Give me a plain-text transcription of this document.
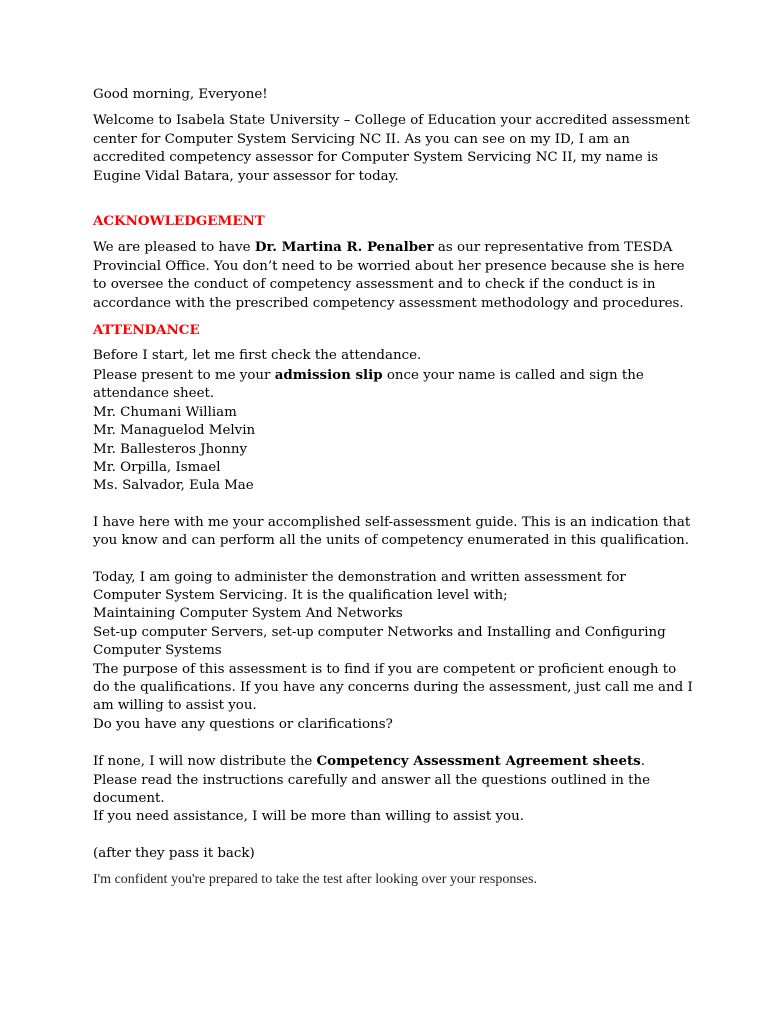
Good morning, Everyone!

Welcome to Isabela State University – College of Education your accredited assessment center for Computer System Servicing NC II. As you can see on my ID, I am an accredited competency assessor for Computer System Servicing NC II, my name is Eugine Vidal Batara, your assessor for today.

ACKNOWLEDGEMENT

We are pleased to have Dr. Martina R. Penalber as our representative from TESDA Provincial Office. You don’t need to be worried about her presence because she is here to oversee the conduct of competency assessment and to check if the conduct is in accordance with the prescribed competency assessment methodology and procedures.

ATTENDANCE

Before I start, let me first check the attendance.

Please present to me your admission slip once your name is called and sign the attendance sheet.

Mr. Chumani William

Mr. Managuelod Melvin

Mr. Ballesteros Jhonny

Mr. Orpilla, Ismael

Ms. Salvador, Eula Mae

I have here with me your accomplished self-assessment guide. This is an indication that you know and can perform all the units of competency enumerated in this qualification.

Today, I am going to administer the demonstration and written assessment for Computer System Servicing. It is the qualification level with;

Maintaining Computer System And Networks

Set-up computer Servers, set-up computer Networks and Installing and Configuring Computer Systems

The purpose of this assessment is to find if you are competent or proficient enough to do the qualifications. If you have any concerns during the assessment, just call me and I am willing to assist you.

Do you have any questions or clarifications?

If none, I will now distribute the Competency Assessment Agreement sheets. Please read the instructions carefully and answer all the questions outlined in the document.

If you need assistance, I will be more than willing to assist you.

(after they pass it back)

I'm confident you're prepared to take the test after looking over your responses.
